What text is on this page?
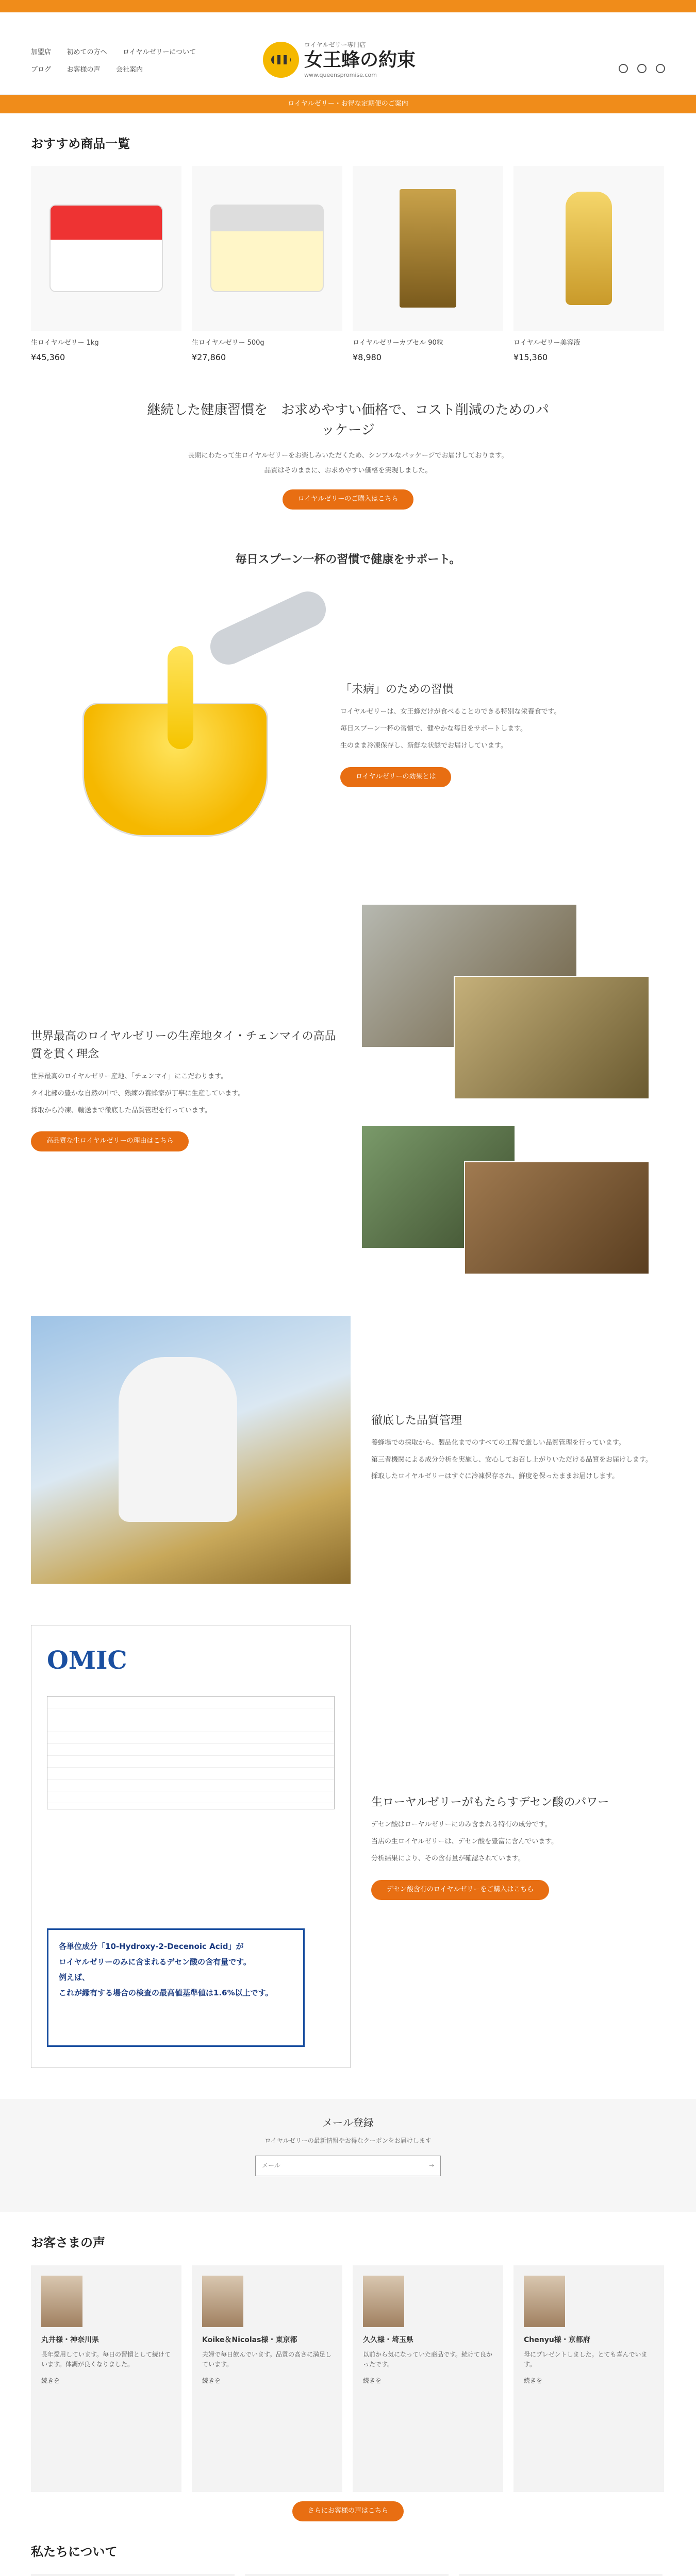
加盟店 初めての方へ ロイヤルゼリーについて
ブログ お客様の声 会社案内
ロイヤルゼリー専門店
女王蜂の約束
www.queenspromise.com
ロイヤルゼリー・お得な定期便のご案内
おすすめ商品一覧
生ロイヤルゼリー 1kg
¥45,360
生ロイヤルゼリー 500g
¥27,860
ロイヤルゼリーカプセル 90粒
¥8,980
ロイヤルゼリー美容液
¥15,360
継続した健康習慣を　お求めやすい価格で、コスト削減のためのパッケージ

長期にわたって生ロイヤルゼリーをお楽しみいただくため、シンプルなパッケージでお届けしております。

品質はそのままに、お求めやすい価格を実現しました。

ロイヤルゼリーのご購入はこちら
毎日スプーン一杯の習慣で健康をサポート。
「未病」のための習慣

ロイヤルゼリーは、女王蜂だけが食べることのできる特別な栄養食です。

毎日スプーン一杯の習慣で、健やかな毎日をサポートします。

生のまま冷凍保存し、新鮮な状態でお届けしています。

ロイヤルゼリーの効果とは
世界最高のロイヤルゼリーの生産地タイ・チェンマイの高品質を貫く理念

世界最高のロイヤルゼリー産地、「チェンマイ」にこだわります。

タイ北部の豊かな自然の中で、熟練の養蜂家が丁寧に生産しています。

採取から冷凍、輸送まで徹底した品質管理を行っています。

高品質な生ロイヤルゼリーの理由はこちら
徹底した品質管理

養蜂場での採取から、製品化までのすべての工程で厳しい品質管理を行っています。

第三者機関による成分分析を実施し、安心してお召し上がりいただける品質をお届けします。

採取したロイヤルゼリーはすぐに冷凍保存され、鮮度を保ったままお届けします。

OMIC
各単位成分「10-Hydroxy-2-Decenoic Acid」が
ロイヤルゼリーのみに含まれるデセン酸の含有量です。
例えば、
これが縁有する場合の検査の最高値基準値は1.6%以上です。
生ローヤルゼリーがもたらすデセン酸のパワー

デセン酸はローヤルゼリーにのみ含まれる特有の成分です。

当店の生ロイヤルゼリーは、デセン酸を豊富に含んでいます。

分析結果により、その含有量が確認されています。

デセン酸含有のロイヤルゼリーをご購入はこちら
メール登録

ロイヤルゼリーの最新情報やお得なクーポンをお届けします

メール	→
お客さまの声
丸井様・神奈川県

長年愛用しています。毎日の習慣として続けています。体調が良くなりました。

続きを
Koike＆Nicolas様・東京都

夫婦で毎日飲んでいます。品質の高さに満足しています。

続きを
久久様・埼玉県

以前から気になっていた商品です。続けて良かったです。

続きを
Chenyu様・京都府

母にプレゼントしました。とても喜んでいます。

続きを
さらにお客様の声はこちら
私たちについて
